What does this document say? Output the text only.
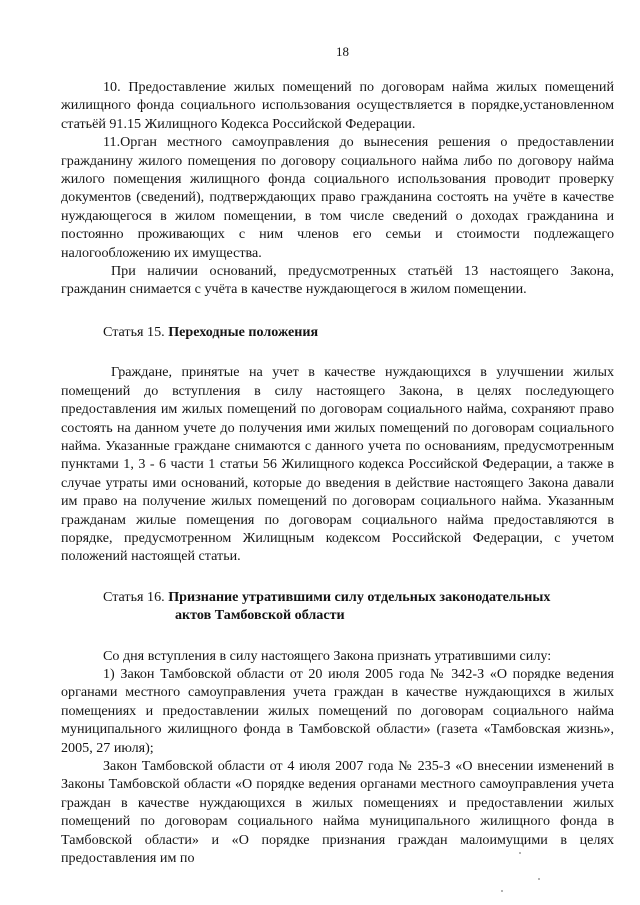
18

10. Предоставление жилых помещений по договорам найма жилых помещений жилищного фонда социального использования осуществляется в порядке,установленном статьёй 91.15 Жилищного Кодекса Российской Федерации.

11.Орган местного самоуправления до вынесения решения о предоставлении гражданину жилого помещения по договору социального найма либо по договору найма жилого помещения жилищного фонда социального использования проводит проверку документов (сведений), подтверждающих право гражданина состоять на учёте в качестве нуждающегося в жилом помещении, в том числе сведений о доходах гражданина и постоянно проживающих с ним членов его семьи и стоимости подлежащего налогообложению их имущества.

При наличии оснований, предусмотренных статьёй 13 настоящего Закона, гражданин снимается с учёта в качестве нуждающегося в жилом помещении.

Статья 15. Переходные положения

Граждане, принятые на учет в качестве нуждающихся в улучшении жилых помещений до вступления в силу настоящего Закона, в целях последующего предоставления им жилых помещений по договорам социального найма, сохраняют право состоять на данном учете до получения ими жилых помещений по договорам социального найма. Указанные граждане снимаются с данного учета по основаниям, предусмотренным пунктами 1, 3 - 6 части 1 статьи 56 Жилищного кодекса Российской Федерации, а также в случае утраты ими оснований, которые до введения в действие настоящего Закона давали им право на получение жилых помещений по договорам социального найма. Указанным гражданам жилые помещения по договорам социального найма предоставляются в порядке, предусмотренном Жилищным кодексом Российской Федерации, с учетом положений настоящей статьи.

Статья 16. Признание утратившими силу отдельных законодательных
актов Тамбовской области

Со дня вступления в силу настоящего Закона признать утратившими силу:

1) Закон Тамбовской области от 20 июля 2005 года № 342-З «О порядке ведения органами местного самоуправления учета граждан в качестве нуждающихся в жилых помещениях и предоставлении жилых помещений по договорам социального найма муниципального жилищного фонда в Тамбовской области» (газета «Тамбовская жизнь», 2005, 27 июля);

Закон Тамбовской области от 4 июля 2007 года № 235-З «О внесении изменений в Законы Тамбовской области «О порядке ведения органами местного самоуправления учета граждан в качестве нуждающихся в жилых помещениях и предоставлении жилых помещений по договорам социального найма муниципального жилищного фонда в Тамбовской области» и «О порядке признания граждан малоимущими в целях предоставления им по
